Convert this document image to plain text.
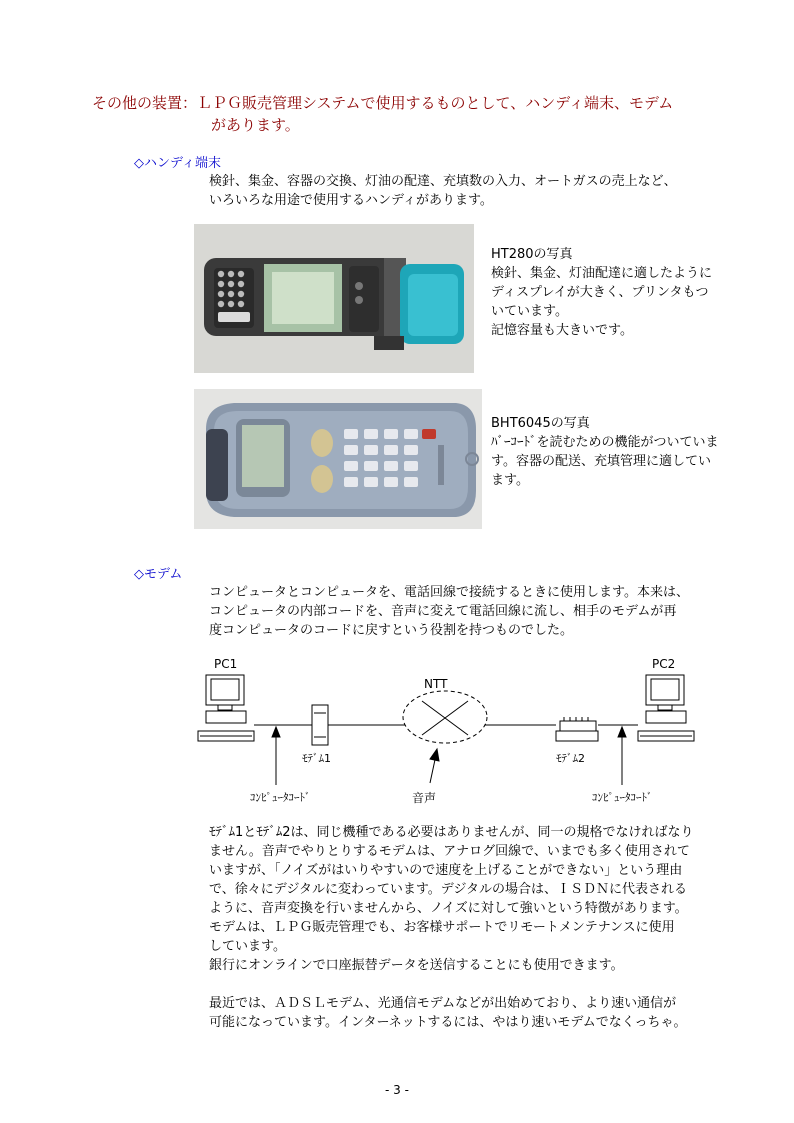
その他の装置：ＬＰＧ販売管理システムで使用するものとして、ハンディ端末、モデム
があります。
◇ハンディ端末
検針、集金、容器の交換、灯油の配達、充填数の入力、オートガスの売上など、
いろいろな用途で使用するハンディがあります。
HT280の写真
検針、集金、灯油配達に適したように
ディスプレイが大きく、プリンタもつ
いています。
記憶容量も大きいです。
BHT6045の写真
ﾊﾞｰｺｰﾄﾞを読むための機能がついていま
す。容器の配送、充填管理に適してい
ます。
◇モデム
コンピュータとコンピュータを、電話回線で接続するときに使用します。本来は、
コンピュータの内部コードを、音声に変えて電話回線に流し、相手のモデムが再
度コンピュータのコードに戻すという役割を持つものでした。
PC1	PC2
NTT
ﾓﾃﾞﾑ1	ﾓﾃﾞﾑ2
ｺﾝﾋﾟｭｰﾀｺｰﾄﾞ	音声	ｺﾝﾋﾟｭｰﾀｺｰﾄﾞ
ﾓﾃﾞﾑ1とﾓﾃﾞﾑ2は、同じ機種である必要はありませんが、同一の規格でなければなり
ません。音声でやりとりするモデムは、アナログ回線で、いまでも多く使用されて
いますが、「ノイズがはいりやすいので速度を上げることができない」という理由
で、徐々にデジタルに変わっています。デジタルの場合は、ＩＳＤＮに代表される
ように、音声変換を行いませんから、ノイズに対して強いという特徴があります。
モデムは、ＬＰＧ販売管理でも、お客様サポートでリモートメンテナンスに使用
しています。
銀行にオンラインで口座振替データを送信することにも使用できます。
最近では、ＡＤＳＬモデム、光通信モデムなどが出始めており、より速い通信が
可能になっています。インターネットするには、やはり速いモデムでなくっちゃ。
- 3 -
